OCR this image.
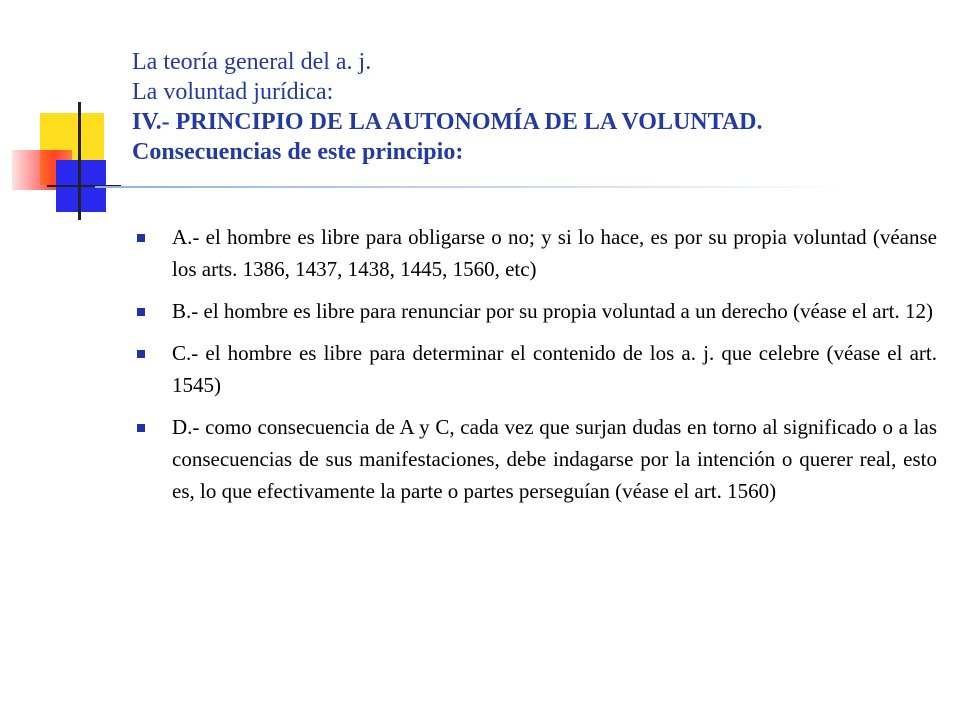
La teoría general del a. j.
La voluntad jurídica:
IV.- PRINCIPIO DE LA AUTONOMÍA DE LA VOLUNTAD.
Consecuencias de este principio:
A.- el hombre es libre para obligarse o no; y si lo hace, es por su propia voluntad (véanse los arts. 1386, 1437, 1438, 1445, 1560, etc)
B.- el hombre es libre para renunciar por su propia voluntad a un derecho (véase el art. 12)
C.- el hombre es libre para determinar el contenido de los a. j. que celebre (véase el art. 1545)
D.- como consecuencia de A y C, cada vez que surjan dudas en torno al significado o a las consecuencias de sus manifestaciones, debe indagarse por la intención o querer real, esto es, lo que efectivamente la parte o partes perseguían (véase el art. 1560)
